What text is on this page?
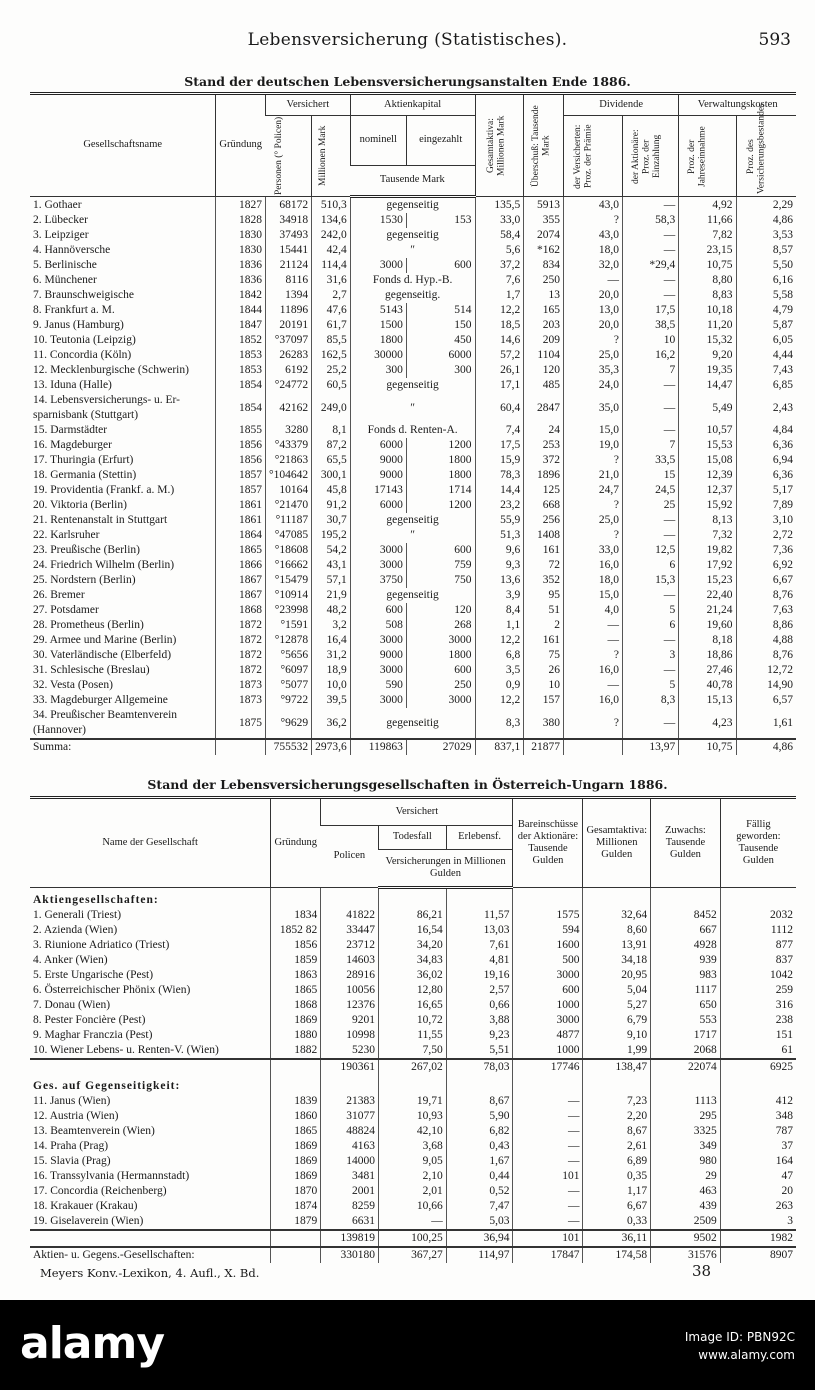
Lebensversicherung (Statistisches).	593
Stand der deutschen Lebensversicherungsanstalten Ende 1886.
Gesellschaftsname	Gründung	Versichert		Aktienkapital		Gesamtaktiva: Millionen Mark	Überschuß: Tausende Mark	Dividende		Verwaltungskosten	

		Personen (° Policen)	Millionen Mark	nominell	eingezahlt			der Versicherten: Proz. der Prämie	der Aktionäre: Proz. der Einzahlung	Proz. der Jahreseinnahme	Proz. des Versicherungsbestandes

				Tausende Mark							
1. Gothaer	1827	68172	510,3	gegenseitig		135,5	5913	43,0	—	4,92	2,29
2. Lübecker	1828	34918	134,6	1530	153	33,0	355	?	58,3	11,66	4,86
3. Leipziger	1830	37493	242,0	gegenseitig		58,4	2074	43,0	—	7,82	3,53
4. Hannöversche	1830	15441	42,4	″		5,6	*162	18,0	—	23,15	8,57
5. Berlinische	1836	21124	114,4	3000	600	37,2	834	32,0	*29,4	10,75	5,50
6. Münchener	1836	8116	31,6	Fonds d. Hyp.-B.		7,6	250	—	—	8,80	6,16
7. Braunschweigische	1842	1394	2,7	gegenseitig.		1,7	13	20,0	—	8,83	5,58
8. Frankfurt a. M.	1844	11896	47,6	5143	514	12,2	165	13,0	17,5	10,18	4,79
9. Janus (Hamburg)	1847	20191	61,7	1500	150	18,5	203	20,0	38,5	11,20	5,87
10. Teutonia (Leipzig)	1852	°37097	85,5	1800	450	14,6	209	?	10	15,32	6,05
11. Concordia (Köln)	1853	26283	162,5	30000	6000	57,2	1104	25,0	16,2	9,20	4,44
12. Mecklenburgische (Schwerin)	1853	6192	25,2	300	300	26,1	120	35,3	7	19,35	7,43
13. Iduna (Halle)	1854	°24772	60,5	gegenseitig		17,1	485	24,0	—	14,47	6,85
14. Lebensversicherungs- u. Er-
sparnisbank (Stuttgart)	1854	42162	249,0	″		60,4	2847	35,0	—	5,49	2,43
15. Darmstädter	1855	3280	8,1	Fonds d. Renten-A.		7,4	24	15,0	—	10,57	4,84
16. Magdeburger	1856	°43379	87,2	6000	1200	17,5	253	19,0	7	15,53	6,36
17. Thuringia (Erfurt)	1856	°21863	65,5	9000	1800	15,9	372	?	33,5	15,08	6,94
18. Germania (Stettin)	1857	°104642	300,1	9000	1800	78,3	1896	21,0	15	12,39	6,36
19. Providentia (Frankf. a. M.)	1857	10164	45,8	17143	1714	14,4	125	24,7	24,5	12,37	5,17
20. Viktoria (Berlin)	1861	°21470	91,2	6000	1200	23,2	668	?	25	15,92	7,89
21. Rentenanstalt in Stuttgart	1861	°11187	30,7	gegenseitig		55,9	256	25,0	—	8,13	3,10
22. Karlsruher	1864	°47085	195,2	″		51,3	1408	?	—	7,32	2,72
23. Preußische (Berlin)	1865	°18608	54,2	3000	600	9,6	161	33,0	12,5	19,82	7,36
24. Friedrich Wilhelm (Berlin)	1866	°16662	43,1	3000	759	9,3	72	16,0	6	17,92	6,92
25. Nordstern (Berlin)	1867	°15479	57,1	3750	750	13,6	352	18,0	15,3	15,23	6,67
26. Bremer	1867	°10914	21,9	gegenseitig		3,9	95	15,0	—	22,40	8,76
27. Potsdamer	1868	°23998	48,2	600	120	8,4	51	4,0	5	21,24	7,63
28. Prometheus (Berlin)	1872	°1591	3,2	508	268	1,1	2	—	6	19,60	8,86
29. Armee und Marine (Berlin)	1872	°12878	16,4	3000	3000	12,2	161	—	—	8,18	4,88
30. Vaterländische (Elberfeld)	1872	°5656	31,2	9000	1800	6,8	75	?	3	18,86	8,76
31. Schlesische (Breslau)	1872	°6097	18,9	3000	600	3,5	26	16,0	—	27,46	12,72
32. Vesta (Posen)	1873	°5077	10,0	590	250	0,9	10	—	5	40,78	14,90
33. Magdeburger Allgemeine	1873	°9722	39,5	3000	3000	12,2	157	16,0	8,3	15,13	6,57
34. Preußischer Beamtenverein
(Hannover)	1875	°9629	36,2	gegenseitig		8,3	380	?	—	4,23	1,61
Summa:		755532	2973,6	119863	27029	837,1	21877		13,97	10,75	4,86
Stand der Lebensversicherungsgesellschaften in Österreich-Ungarn 1886.
Name der Gesellschaft	Gründung	Versichert			Bareinschüsse der Aktionäre: Tausende Gulden	Gesamtaktiva: Millionen Gulden	Zuwachs: Tausende Gulden	Fällig geworden: Tausende Gulden
		Policen	Todesfall	Erlebensf.				
			Versicherungen in Millionen Gulden					
Aktiengesellschaften:								
1. Generali (Triest)	1834	41822	86,21	11,57	1575	32,64	8452	2032
2. Azienda (Wien)	1852 82	33447	16,54	13,03	594	8,60	667	1112
3. Riunione Adriatico (Triest)	1856	23712	34,20	7,61	1600	13,91	4928	877
4. Anker (Wien)	1859	14603	34,83	4,81	500	34,18	939	837
5. Erste Ungarische (Pest)	1863	28916	36,02	19,16	3000	20,95	983	1042
6. Österreichischer Phönix (Wien)	1865	10056	12,80	2,57	600	5,04	1117	259
7. Donau (Wien)	1868	12376	16,65	0,66	1000	5,27	650	316
8. Pester Foncière (Pest)	1869	9201	10,72	3,88	3000	6,79	553	238
9. Maghar Franczia (Pest)	1880	10998	11,55	9,23	4877	9,10	1717	151
10. Wiener Lebens- u. Renten-V. (Wien)	1882	5230	7,50	5,51	1000	1,99	2068	61
		190361	267,02	78,03	17746	138,47	22074	6925
Ges. auf Gegenseitigkeit:								
11. Janus (Wien)	1839	21383	19,71	8,67	—	7,23	1113	412
12. Austria (Wien)	1860	31077	10,93	5,90	—	2,20	295	348
13. Beamtenverein (Wien)	1865	48824	42,10	6,82	—	8,67	3325	787
14. Praha (Prag)	1869	4163	3,68	0,43	—	2,61	349	37
15. Slavia (Prag)	1869	14000	9,05	1,67	—	6,89	980	164
16. Transsylvania (Hermannstadt)	1869	3481	2,10	0,44	101	0,35	29	47
17. Concordia (Reichenberg)	1870	2001	2,01	0,52	—	1,17	463	20
18. Krakauer (Krakau)	1874	8259	10,66	7,47	—	6,67	439	263
19. Giselaverein (Wien)	1879	6631	—	5,03	—	0,33	2509	3
		139819	100,25	36,94	101	36,11	9502	1982
Aktien- u. Gegens.-Gesellschaften:		330180	367,27	114,97	17847	174,58	31576	8907
Meyers Konv.-Lexikon, 4. Aufl., X. Bd.	38
alamy	Image ID: PBN92C
www.alamy.com
